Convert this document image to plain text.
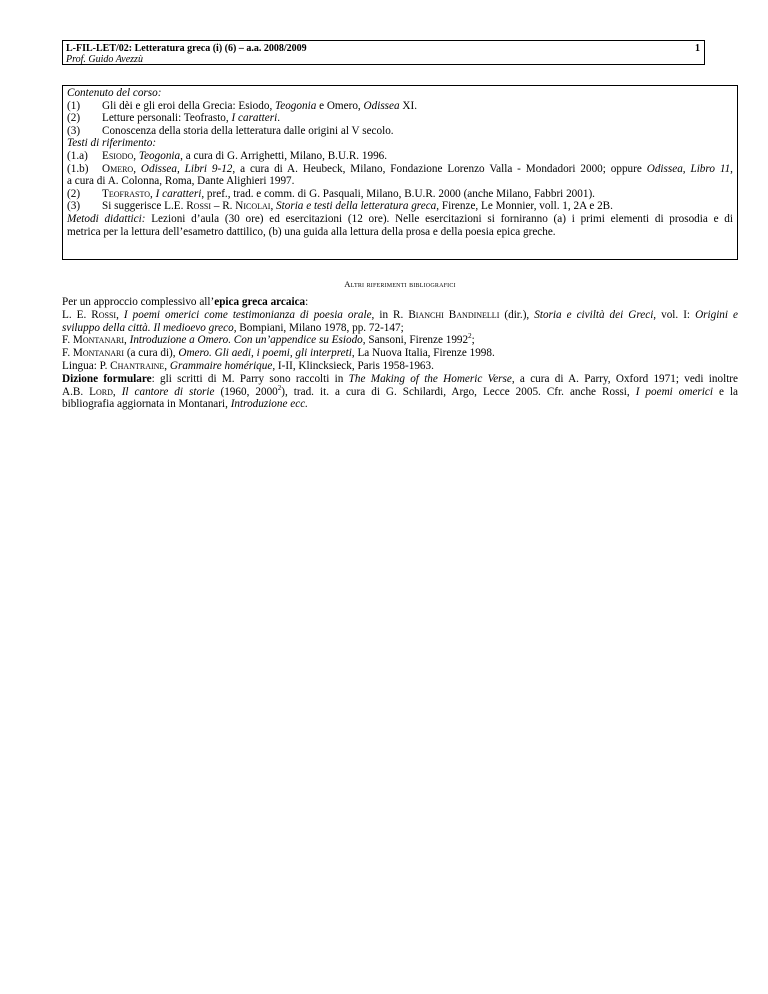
L-FIL-LET/02: Letteratura greca (i) (6) – a.a. 2008/2009
Prof. Guido Avezzù
1
Contenuto del corso:
(1) Gli dèi e gli eroi della Grecia: Esiodo, Teogonia e Omero, Odissea XI.
(2) Letture personali: Teofrasto, I caratteri.
(3) Conoscenza della storia della letteratura dalle origini al V secolo.
Testi di riferimento:
(1.a) Esiodo, Teogonia, a cura di G. Arrighetti, Milano, B.U.R. 1996.
(1.b) Omero, Odissea, Libri 9-12, a cura di A. Heubeck, Milano, Fondazione Lorenzo Valla - Mondadori 2000; oppure Odissea, Libro 11,
a cura di A. Colonna, Roma, Dante Alighieri 1997.
(2) Teofrasto, I caratteri, pref., trad. e comm. di G. Pasquali, Milano, B.U.R. 2000 (anche Milano, Fabbri 2001).
(3) Si suggerisce L.E. Rossi – R. Nicolai, Storia e testi della letteratura greca, Firenze, Le Monnier, voll. 1, 2A e 2B.
Metodi didattici: Lezioni d’aula (30 ore) ed esercitazioni (12 ore). Nelle esercitazioni si forniranno (a) i primi elementi di prosodia e di
metrica per la lettura dell’esametro dattilico, (b) una guida alla lettura della prosa e della poesia epica greche.
Altri riferimenti bibliografici
Per un approccio complessivo all’epica greca arcaica:
L. E. Rossi, I poemi omerici come testimonianza di poesia orale, in R. Bianchi Bandinelli (dir.), Storia e civiltà dei Greci, vol. I: Origini e
sviluppo della città. Il medioevo greco, Bompiani, Milano 1978, pp. 72-147;
F. Montanari, Introduzione a Omero. Con un’appendice su Esiodo, Sansoni, Firenze 1992$^2$;
F. Montanari (a cura di), Omero. Gli aedi, i poemi, gli interpreti, La Nuova Italia, Firenze 1998.
Lingua: P. Chantraine, Grammaire homérique, I-II, Klincksieck, Paris 1958-1963.
Dizione formulare: gli scritti di M. Parry sono raccolti in The Making of the Homeric Verse, a cura di A. Parry, Oxford 1971; vedi inoltre
A.B. Lord, Il cantore di storie (1960, 2000$^2$), trad. it. a cura di G. Schilardi, Argo, Lecce 2005. Cfr. anche Rossi, I poemi omerici e la
bibliografia aggiornata in Montanari, Introduzione ecc.
